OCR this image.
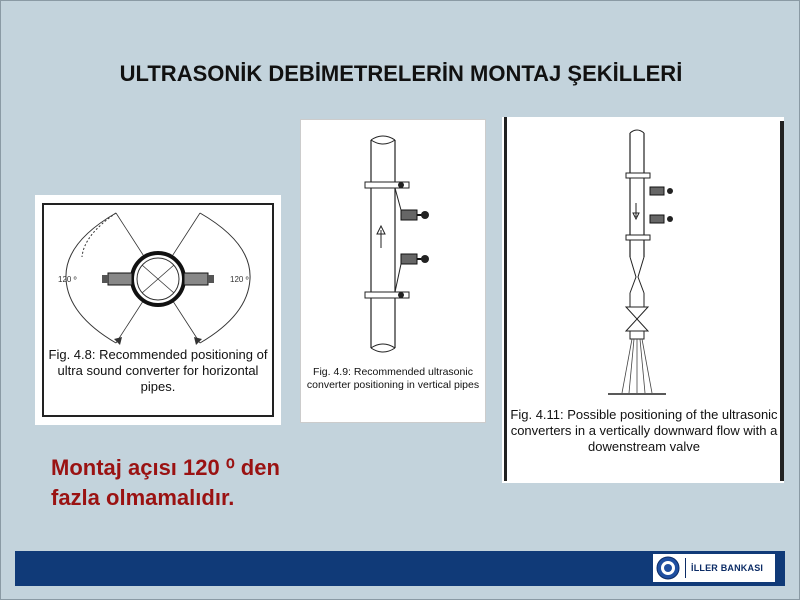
ULTRASONİK DEBİMETRELERİN MONTAJ ŞEKİLLERİ
120 º	120 º
Fig. 4.8: Recommended positioning of ultra sound converter for horizontal pipes.
Fig. 4.9: Recommended ultrasonic converter positioning in vertical pipes
Fig. 4.11: Possible positioning of the ultrasonic converters in a vertically downward flow with a dowenstream valve
Montaj açısı 120 ⁰ den
fazla olmamalıdır.
İLLER BANKASI
